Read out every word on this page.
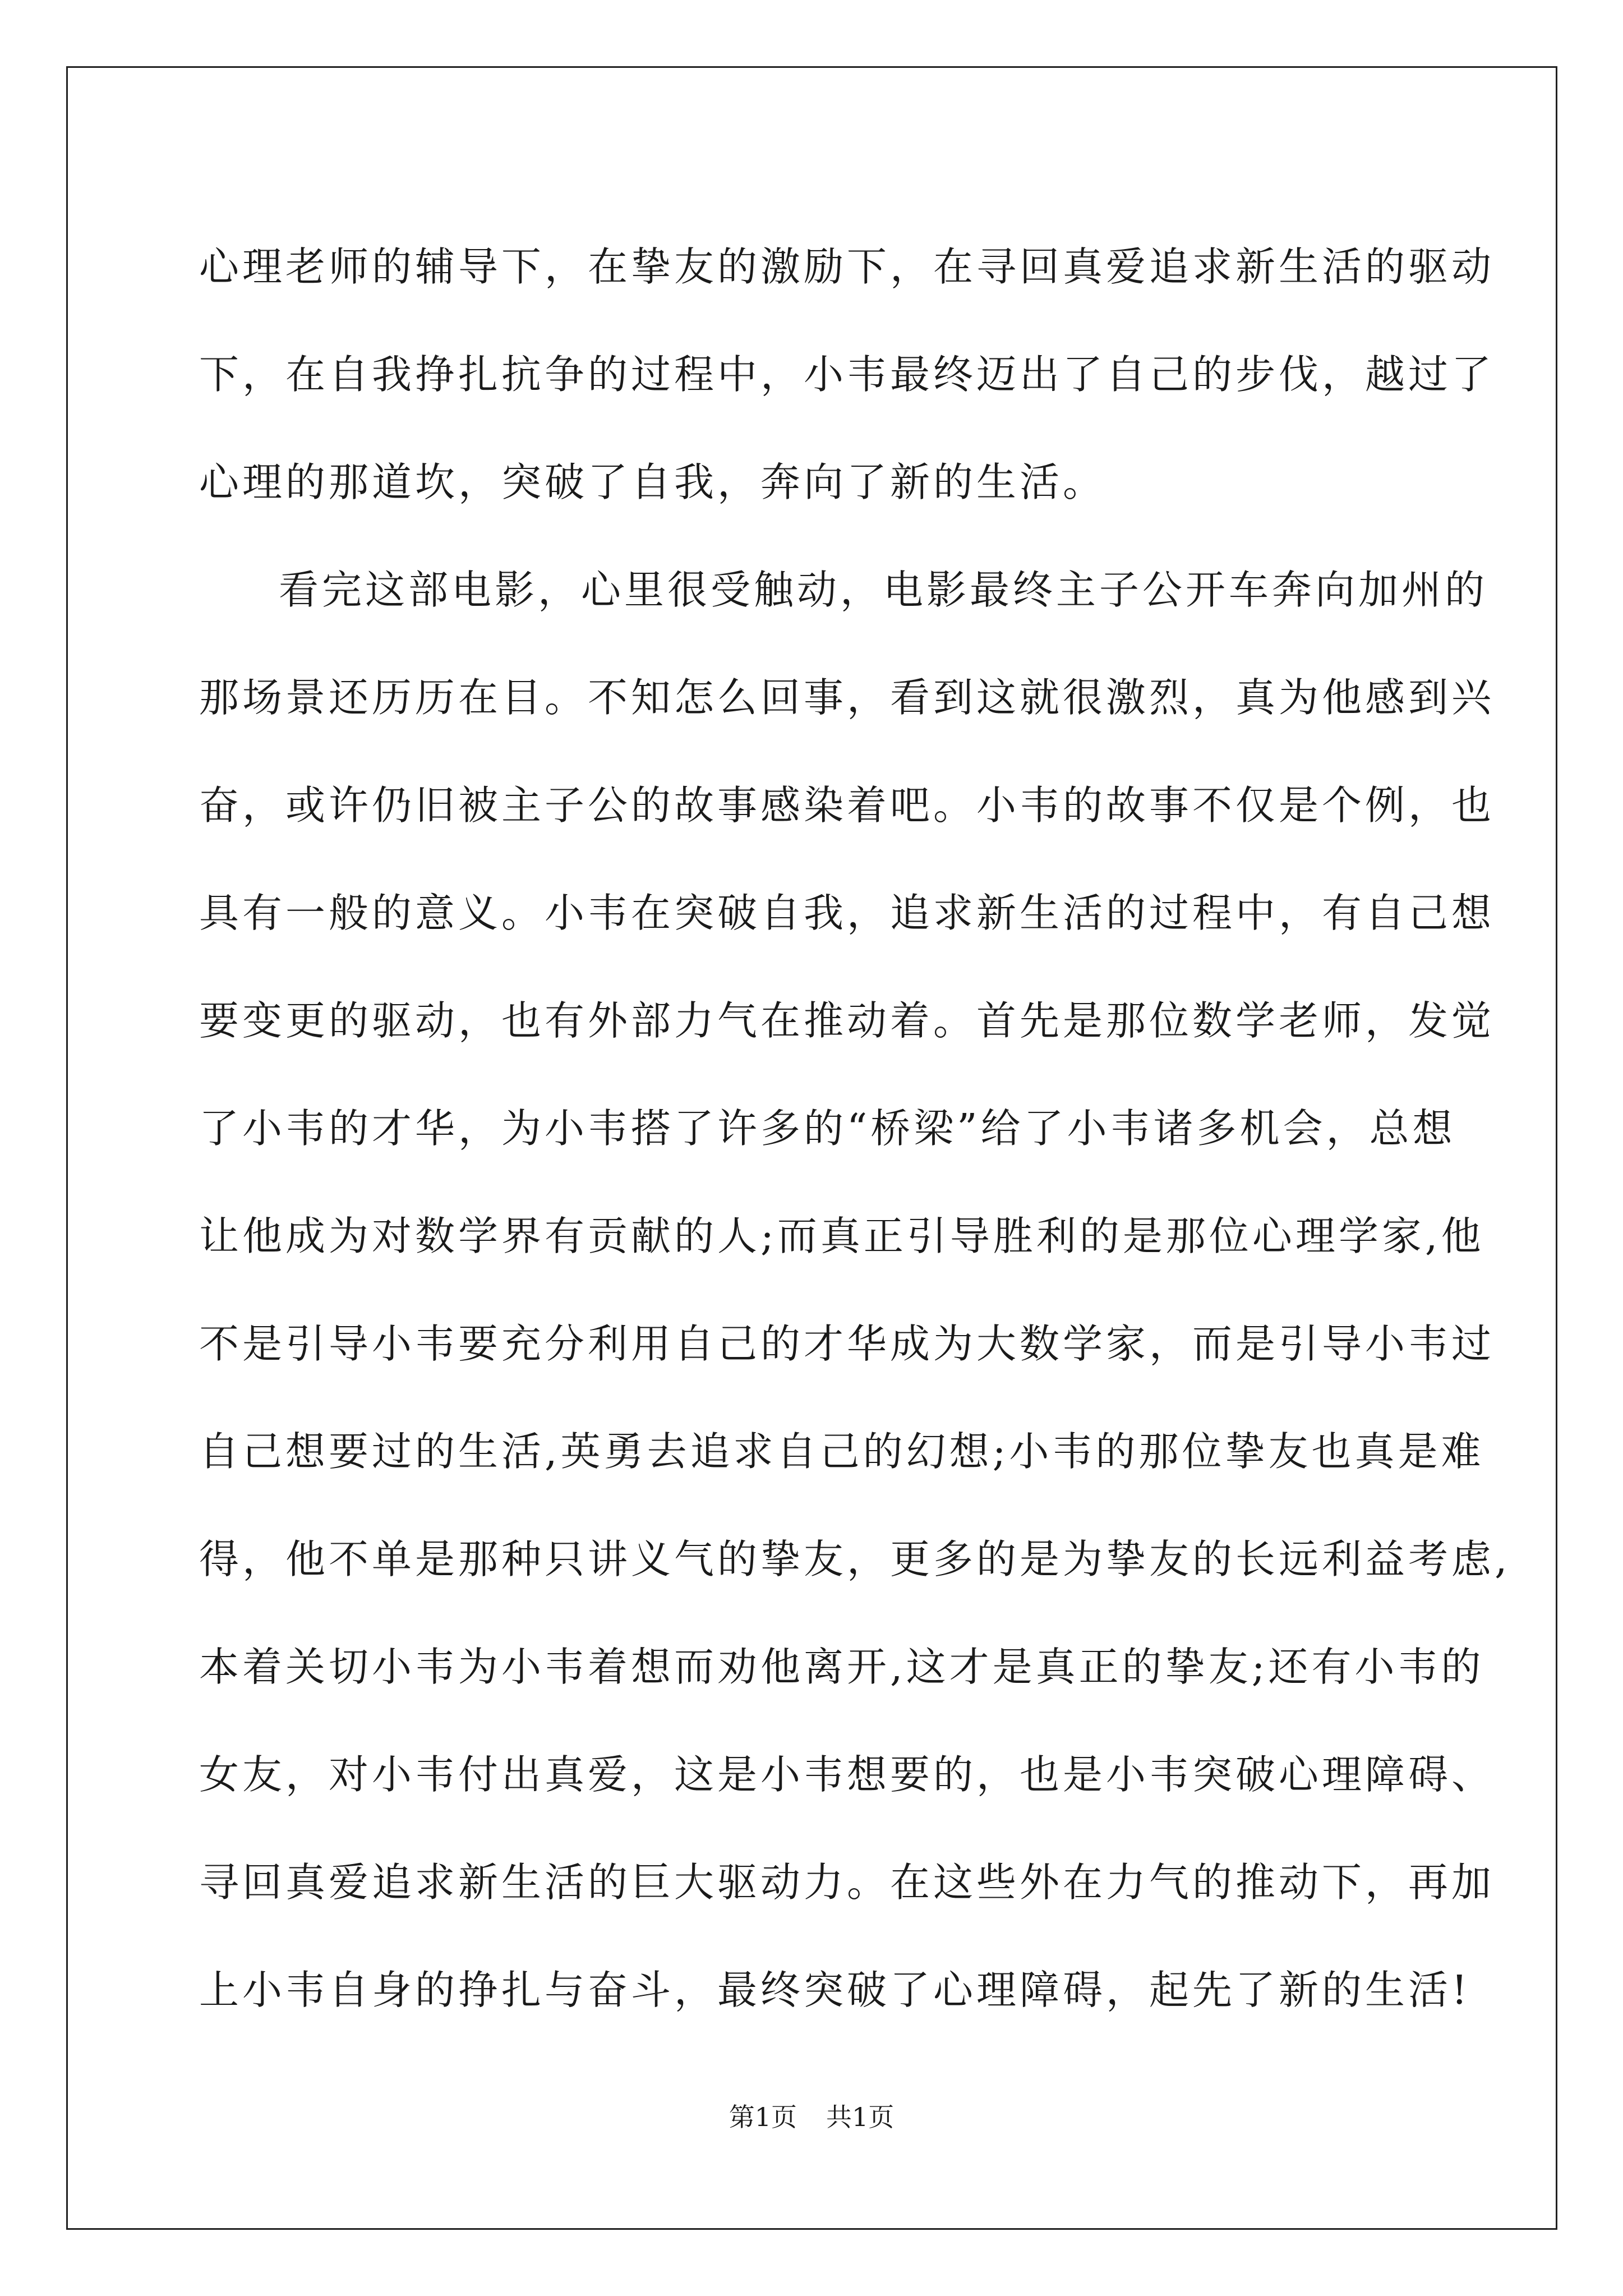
心理老师的辅导下，在挚友的激励下，在寻回真爱追求新生活的驱动
下，在自我挣扎抗争的过程中，小韦最终迈出了自己的步伐，越过了
心理的那道坎，突破了自我，奔向了新的生活。
看完这部电影，心里很受触动，电影最终主子公开车奔向加州的
那场景还历历在目。不知怎么回事，看到这就很激烈，真为他感到兴
奋，或许仍旧被主子公的故事感染着吧。小韦的故事不仅是个例，也
具有一般的意义。小韦在突破自我，追求新生活的过程中，有自己想
要变更的驱动，也有外部力气在推动着。首先是那位数学老师，发觉
了小韦的才华，为小韦搭了许多的“桥梁”给了小韦诸多机会，总想
让他成为对数学界有贡献的人;而真正引导胜利的是那位心理学家,他
不是引导小韦要充分利用自己的才华成为大数学家，而是引导小韦过
自己想要过的生活,英勇去追求自己的幻想;小韦的那位挚友也真是难
得，他不单是那种只讲义气的挚友，更多的是为挚友的长远利益考虑,
本着关切小韦为小韦着想而劝他离开,这才是真正的挚友;还有小韦的
女友，对小韦付出真爱，这是小韦想要的，也是小韦突破心理障碍、
寻回真爱追求新生活的巨大驱动力。在这些外在力气的推动下，再加
上小韦自身的挣扎与奋斗，最终突破了心理障碍，起先了新的生活!
第1页 共1页
